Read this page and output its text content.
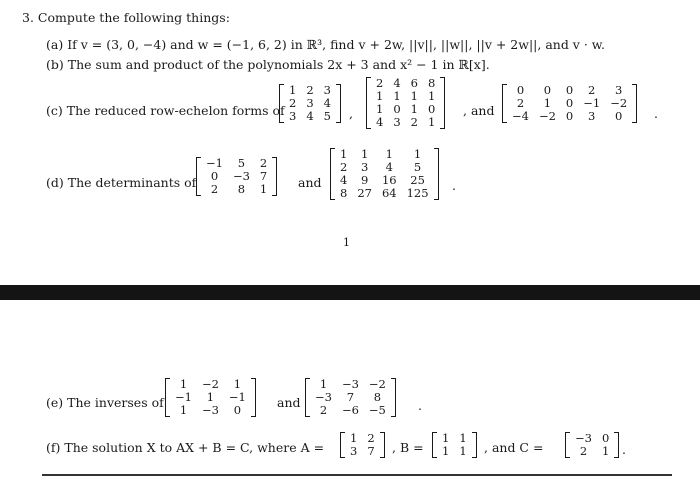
3. Compute the following things:
(a) If v = (3, 0, −4) and w = (−1, 6, 2) in ℝ³, find v + 2w, ||v||, ||w||, ||v + 2w||, and v · w.
(b) The sum and product of the polynomials 2x + 3 and x² − 1 in ℝ[x].
(c) The reduced row-echelon forms of
1	2	3
2	3	4
3	4	5 ,
2	4	6	8
1	1	1	1
1	0	1	0
4	3	2	1
, and
0	0	0	2	3
2	1	0	−1	−2
−4	−2	0	3	0	.
(d) The determinants of
−1	5	2
0	−3	7
2	8	1 and
1	1	1	1
2	3	4	5
4	9	16	25
8	27	64	125 .
1
(e) The inverses of
1	−2	1
−1	1	−1
1	−3	0	and
1	−3	−2
−3	7	8
2	−6	−5	.
(f) The solution X to AX + B = C, where A =
1	2
3	7 , B =
1	1
1	1 , and C =
−3	0
2	1 .
